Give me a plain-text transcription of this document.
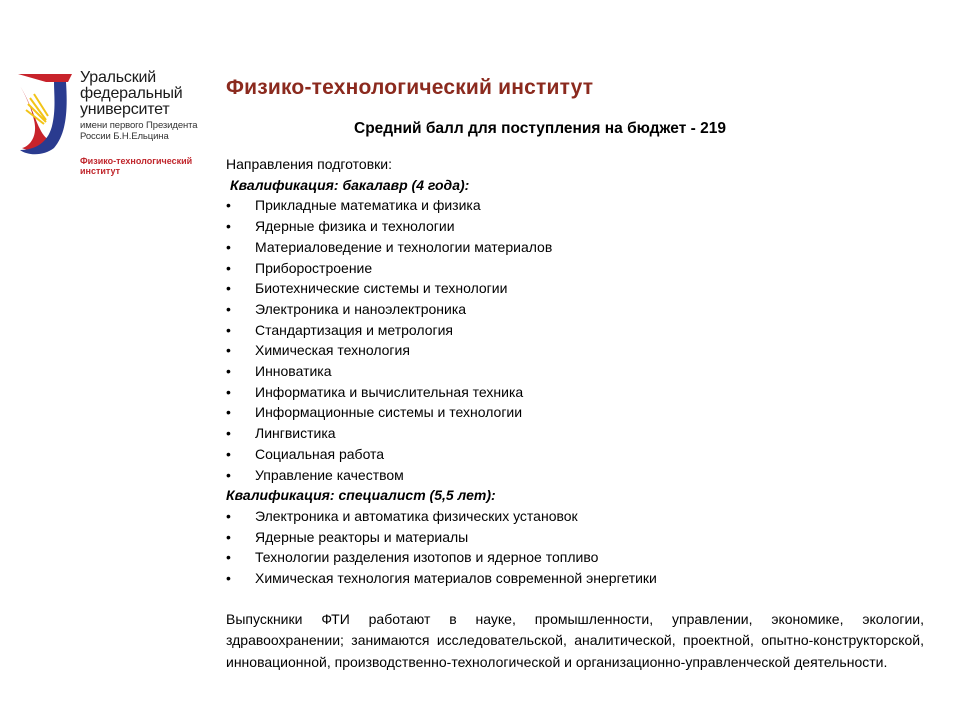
Уральский федеральный университет
имени первого Президента России Б.Н.Ельцина
Физико-технологический институт
Физико-технологический институт
Средний балл для поступления на бюджет - 219
Направления подготовки:
Квалификация: бакалавр (4 года):
• Прикладные математика и физика
• Ядерные физика и технологии
• Материаловедение и технологии материалов
• Приборостроение
• Биотехнические системы и технологии
• Электроника и наноэлектроника
• Стандартизация и метрология
• Химическая технология
• Инноватика
• Информатика и вычислительная техника
• Информационные системы и технологии
• Лингвистика
• Социальная работа
• Управление качеством
Квалификация: специалист (5,5 лет):
• Электроника и автоматика физических установок
• Ядерные реакторы и материалы
• Технологии разделения изотопов и ядерное топливо
• Химическая технология материалов современной энергетики
Выпускники ФТИ работают в науке, промышленности, управлении, экономике, экологии, здравоохранении; занимаются исследовательской, аналитической, проектной, опытно-конструкторской, инновационной, производственно-технологической и организационно-управленческой деятельности.
